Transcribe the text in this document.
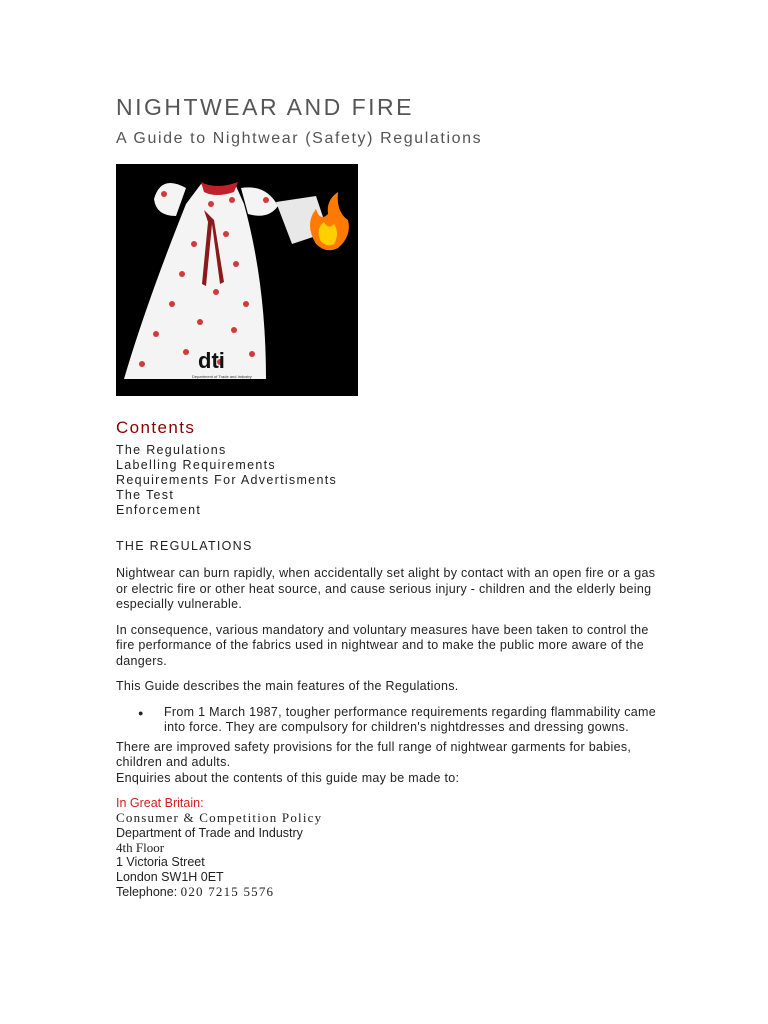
NIGHTWEAR AND FIRE
A Guide to Nightwear (Safety) Regulations
dti
Department of Trade and Industry
Contents
The Regulations
Labelling Requirements
Requirements For Advertisments
The Test
Enforcement
THE REGULATIONS

Nightwear can burn rapidly, when accidentally set alight by contact with an open fire or a gas or electric fire or other heat source, and cause serious injury - children and the elderly being especially vulnerable.

In consequence, various mandatory and voluntary measures have been taken to control the fire performance of the fabrics used in nightwear and to make the public more aware of the dangers.

This Guide describes the main features of the Regulations.

● From 1 March 1987, tougher performance requirements regarding flammability came into force. They are compulsory for children's nightdresses and dressing gowns.

There are improved safety provisions for the full range of nightwear garments for babies, children and adults.

Enquiries about the contents of this guide may be made to:

In Great Britain:
Consumer & Competition Policy
Department of Trade and Industry
4th Floor
1 Victoria Street
London SW1H 0ET
Telephone: 020 7215 5576
